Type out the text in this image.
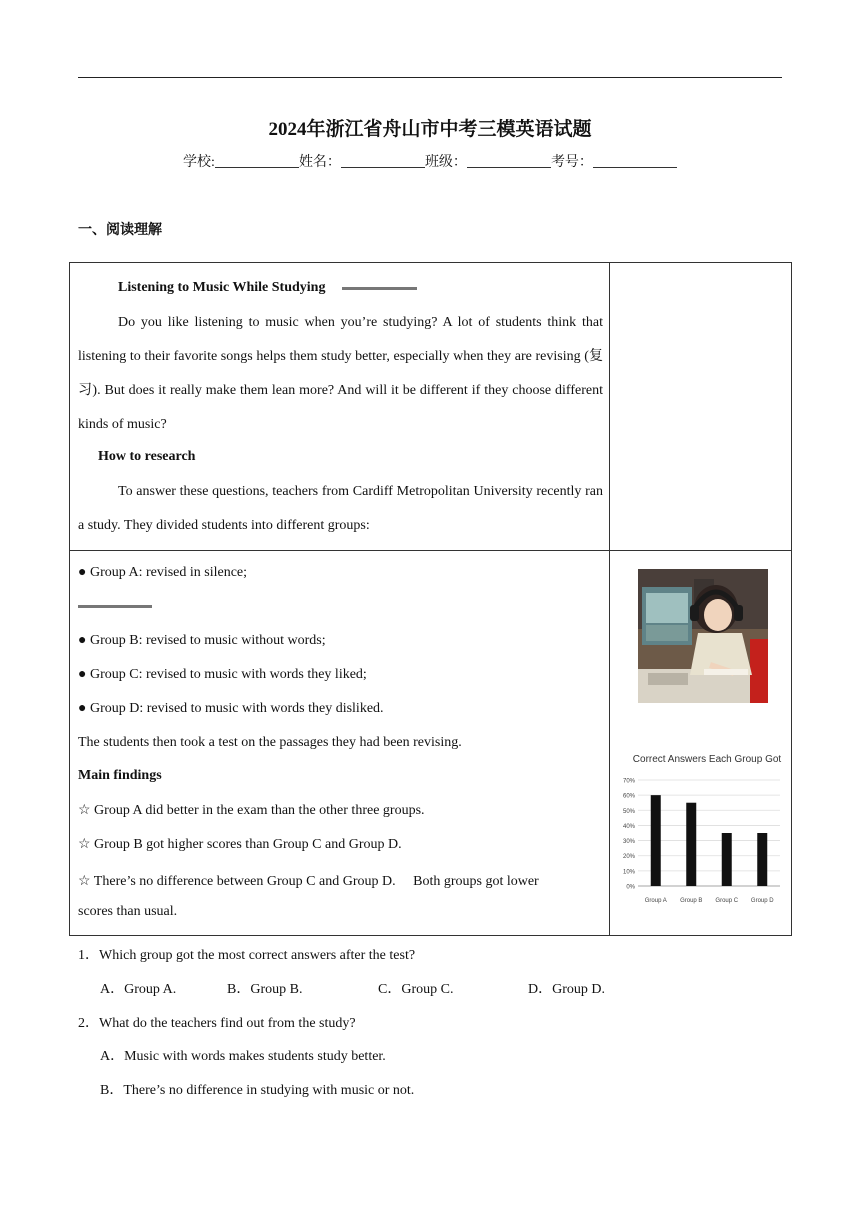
2024年浙江省舟山市中考三模英语试题
学校:	姓名：	班级：	考号：
一、阅读理解
Listening to Music While Studying
Do you like listening to music when you’re studying? A lot of students think that listening to their favorite songs helps them study better, especially when they are revising (复习). But does it really make them lean more? And will it be different if they choose different kinds of music?
How to research
To answer these questions, teachers from Cardiff Metropolitan University recently ran a study. They divided students into different groups:
● Group A: revised in silence;
● Group B: revised to music without words;
● Group C: revised to music with words they liked;
● Group D: revised to music with words they disliked.
The students then took a test on the passages they had been revising.
Main findings
☆ Group A did better in the exam than the other three groups.
☆ Group B got higher scores than Group C and Group D.
☆ There’s no difference between Group C and Group D.　 Both groups got lower
scores than usual.
Correct Answers Each Group Got
0%
10%
20%
30%
40%
50%
60%
70%
Group A Group B Group C Group D
1．Which group got the most correct answers after the test?
A．Group A.	B．Group B.	C．Group C.	D．Group D.
2．What do the teachers find out from the study?
A．Music with words makes students study better.
B．There’s no difference in studying with music or not.
